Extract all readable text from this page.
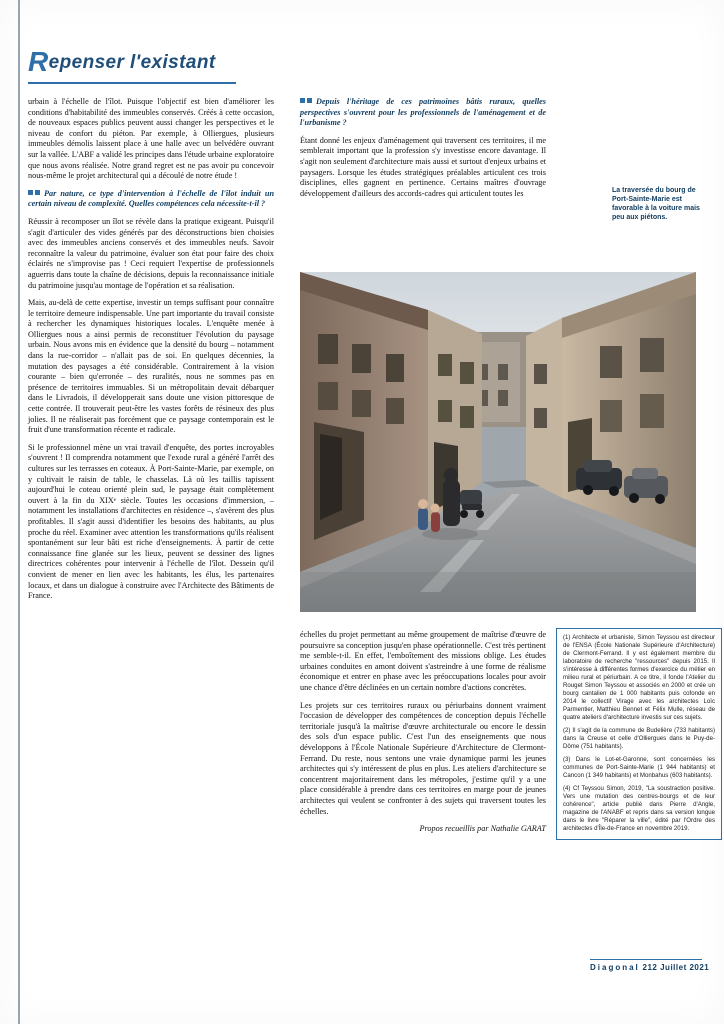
Repenser l'existant

urbain à l'échelle de l'îlot. Puisque l'objectif est bien d'améliorer les conditions d'habitabilité des immeubles conservés. Créés à cette occasion, de nouveaux espaces publics peuvent aussi changer les perspectives et le niveau de confort du piéton. Par exemple, à Olliergues, plusieurs immeubles démolis laissent place à une halle avec un belvédère ouvrant sur la vallée. L'ABF a validé les principes dans l'étude urbaine exploratoire que nous avons réalisée. Notre grand regret est ne pas avoir pu concevoir nous-même le projet architectural qui a découlé de notre étude !

Par nature, ce type d'intervention à l'échelle de l'îlot induit un certain niveau de complexité. Quelles compétences cela nécessite-t-il ?

Réussir à recomposer un îlot se révèle dans la pratique exigeant. Puisqu'il s'agit d'articuler des vides générés par des déconstructions bien choisies avec des immeubles anciens conservés et des immeubles neufs. Savoir reconnaître la valeur du patrimoine, évaluer son état pour faire des choix éclairés ne s'improvise pas ! Ceci requiert l'expertise de professionnels aguerris dans toute la chaîne de décisions, depuis la reconnaissance initiale du patrimoine jusqu'au montage de l'opération et sa réalisation.

Mais, au-delà de cette expertise, investir un temps suffisant pour connaître le territoire demeure indispensable. Une part importante du travail consiste à rechercher les dynamiques historiques locales. L'enquête menée à Olliergues nous a ainsi permis de reconstituer l'évolution du paysage urbain. Nous avons mis en évidence que la densité du bourg – notamment dans la rue-corridor – n'allait pas de soi. En quelques décennies, la mutation des paysages a été considérable. Contrairement à la vision courante – bien qu'erronée – des ruralités, nous ne sommes pas en présence de territoires immuables. Si un métropolitain devait débarquer dans le Livradois, il développerait sans doute une vision pittoresque de cette contrée. Il trouverait peut-être les vastes forêts de résineux des plus jolies. Il ne réaliserait pas forcément que ce paysage contemporain est le fruit d'une transformation récente et radicale.

Si le professionnel mène un vrai travail d'enquête, des portes incroyables s'ouvrent ! Il comprendra notamment que l'exode rural a généré l'arrêt des cultures sur les terrasses en coteaux. À Port-Sainte-Marie, par exemple, on y cultivait le raisin de table, le chasselas. Là où les taillis tapissent aujourd'hui le coteau orienté plein sud, le paysage était complètement ouvert à la fin du XIXᵉ siècle. Toutes les occasions d'immersion, – notamment les installations d'architectes en résidence –, s'avèrent des plus profitables. Il s'agit aussi d'identifier les besoins des habitants, au plus proche du réel. Examiner avec attention les transformations qu'ils réalisent spontanément sur leur bâti est riche d'enseignements. À partir de cette connaissance fine glanée sur les lieux, peuvent se dessiner des lignes directrices cohérentes pour intervenir à l'échelle de l'îlot. Dessein qu'il convient de mener en lien avec les habitants, les élus, les partenaires locaux, et dans un dialogue à construire avec l'Architecte des Bâtiments de France.

Depuis l'héritage de ces patrimoines bâtis ruraux, quelles perspectives s'ouvrent pour les professionnels de l'aménagement et de l'urbanisme ?

Étant donné les enjeux d'aménagement qui traversent ces territoires, il me semblerait important que la profession s'y investisse encore davantage. Il s'agit non seulement d'architecture mais aussi et surtout d'enjeux urbains et paysagers. Lorsque les études stratégiques préalables articulent ces trois disciplines, elles gagnent en pertinence. Certains maîtres d'ouvrage développement d'ailleurs des accords-cadres qui articulent toutes les	La traversée du bourg de Port-Sainte-Marie est favorable à la voiture mais peu aux piétons.

échelles du projet permettant au même groupement de maîtrise d'œuvre de poursuivre sa conception jusqu'en phase opérationnelle. C'est très pertinent me semble-t-il. En effet, l'emboîtement des missions oblige. Les études urbaines conduites en amont doivent s'astreindre à une forme de réalisme économique et entrer en phase avec les préoccupations locales pour avoir une chance d'être déclinées en un certain nombre d'actions concrètes.

Les projets sur ces territoires ruraux ou périurbains donnent vraiment l'occasion de développer des compétences de conception depuis l'échelle territoriale jusqu'à la maîtrise d'œuvre architecturale ou encore le dessin des sols d'un espace public. C'est l'un des enseignements que nous développons à l'École Nationale Supérieure d'Architecture de Clermont-Ferrand. Du reste, nous sentons une vraie dynamique parmi les jeunes architectes qui s'y intéressent de plus en plus. Les ateliers d'architecture se concentrent majoritairement dans les métropoles, j'estime qu'il y a une place considérable à prendre dans ces territoires en marge pour de jeunes architectes qui veulent se confronter à des sujets qui traversent toutes les échelles.

Propos recueillis par Nathalie GARAT

(1) Architecte et urbaniste, Simon Teyssou est directeur de l'ENSA (École Nationale Supérieure d'Architecture) de Clermont-Ferrand. Il y est également membre du laboratoire de recherche "ressources" depuis 2015. Il s'intéresse à différentes formes d'exercice du métier en milieu rural et périurbain. A ce titre, il fonde l'Atelier du Rouget Simon Teyssou et associés en 2000 et crée un bourg cantalien de 1 000 habitants puis cofonde en 2014 le collectif Virage avec les architectes Loïc Parmentier, Matthieu Bennet et Félix Mulle, réseau de quatre ateliers d'architecture investis sur ces sujets.

(2) Il s'agit de la commune de Budelière (733 habitants) dans la Creuse et celle d'Olliergues dans le Puy-de-Dôme (751 habitants).

(3) Dans le Lot-et-Garonne, sont concernées les communes de Port-Sainte-Marie (1 944 habitants) et Cancon (1 349 habitants) et Monbahus (603 habitants).

(4) Cf Teyssou Simon, 2019, "La soustraction positive. Vers une mutation des centres-bourgs et de leur cohérence", article publié dans Pierre d'Angle, magazine de l'ANABF et repris dans sa version longue dans le livre "Réparer la ville", édité par l'Ordre des architectes d'Île-de-France en novembre 2019.

Diagonal 212 Juillet 2021
